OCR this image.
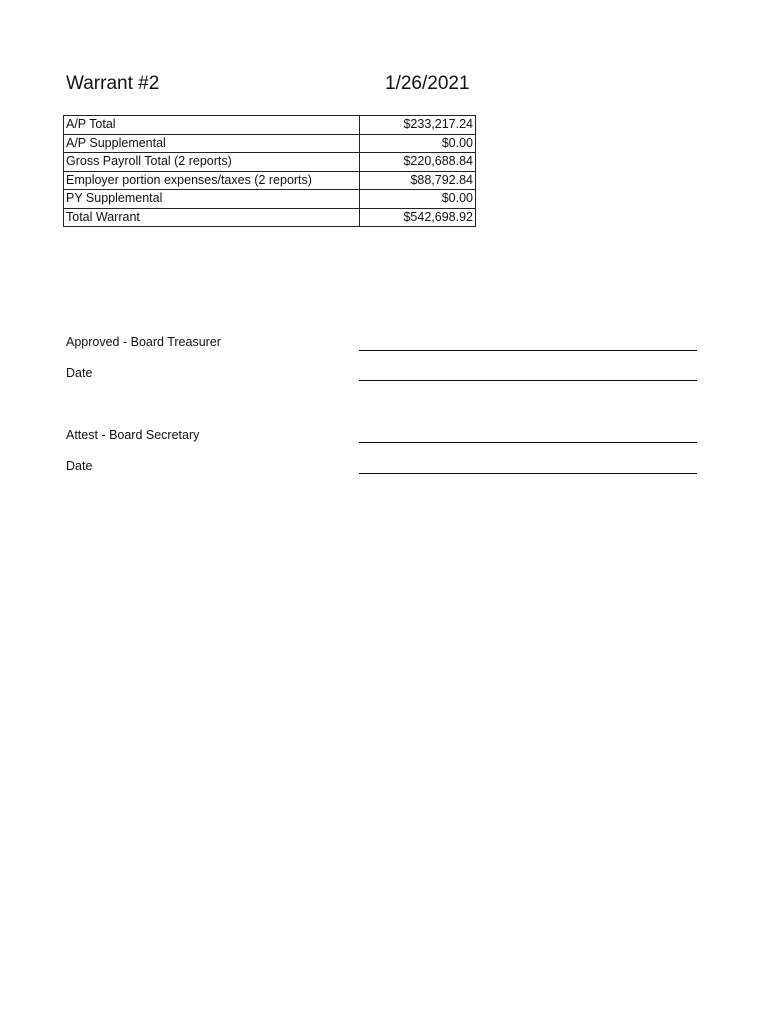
Warrant #2	1/26/2021
A/P Total	$233,217.24
A/P Supplemental	$0.00
Gross Payroll Total (2 reports)	$220,688.84
Employer portion expenses/taxes (2 reports)	$88,792.84
PY Supplemental	$0.00
Total Warrant	$542,698.92
Approved - Board Treasurer
Date
Attest - Board Secretary
Date
